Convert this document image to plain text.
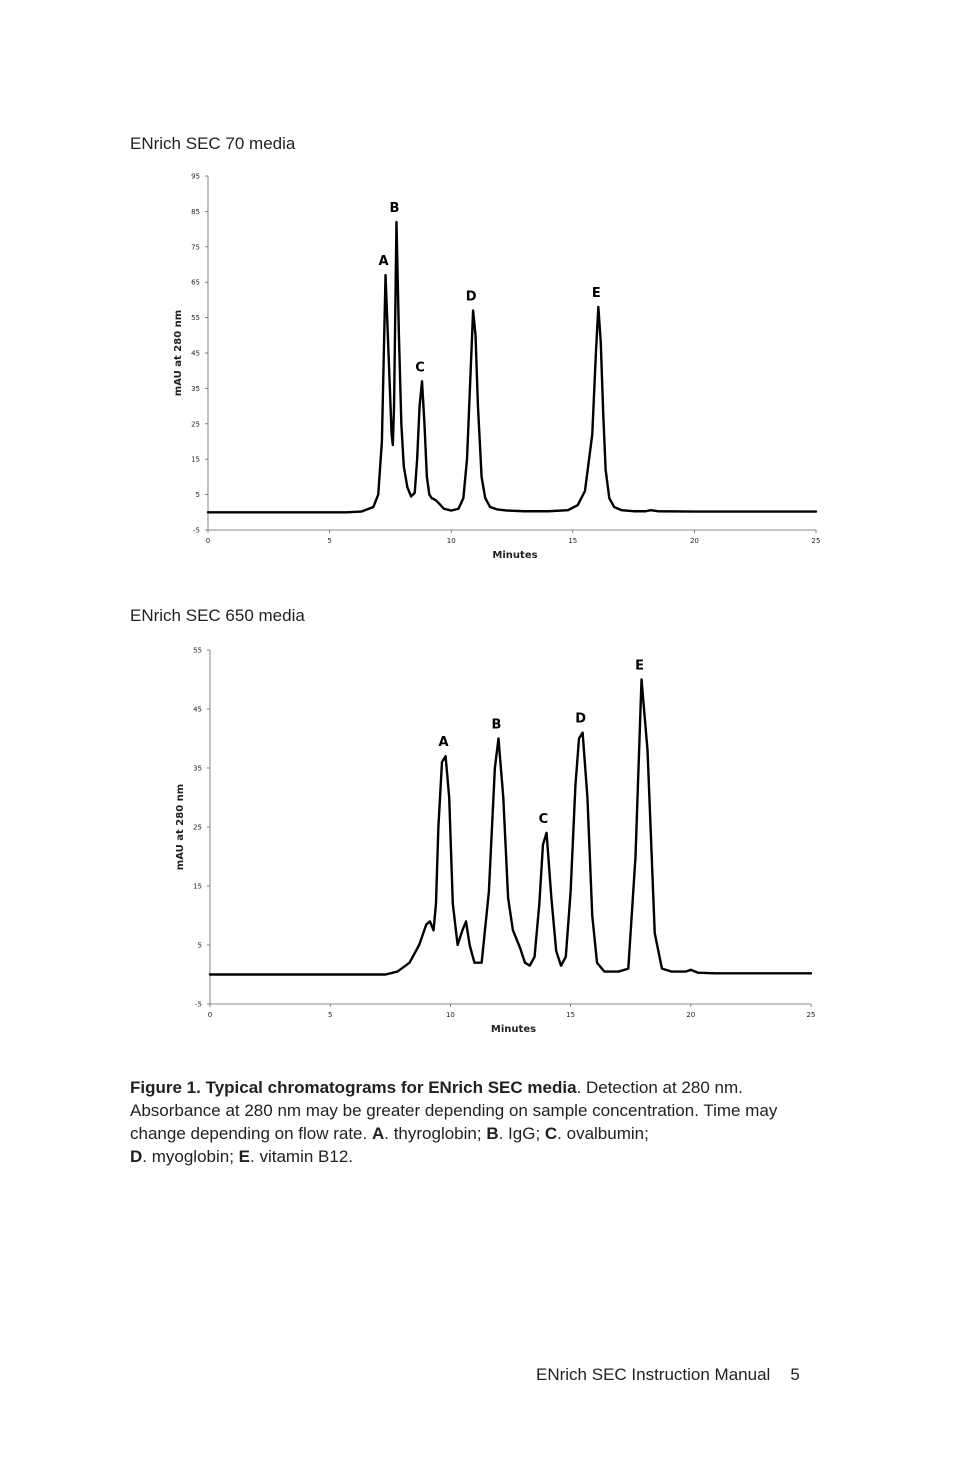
ENrich SEC 70 media
-5
5
15
25
35
45
55
65
75
85
95
0	5	10	15	20	25
Minutes
mAU at 280 nm
A
B
C
D	E
ENrich SEC 650 media
-5
5
15
25
35
45
55
0	5	10	15	20	25
Minutes
mAU at 280 nm
A
B
C
D
E
Figure 1. Typical chromatograms for ENrich SEC media. Detection at 280 nm. Absorbance at 280 nm may be greater depending on sample concentration. Time may change depending on flow rate. A. thyroglobin; B. IgG; C. ovalbumin;
D. myoglobin; E. vitamin B12.
ENrich SEC Instruction Manual 5
